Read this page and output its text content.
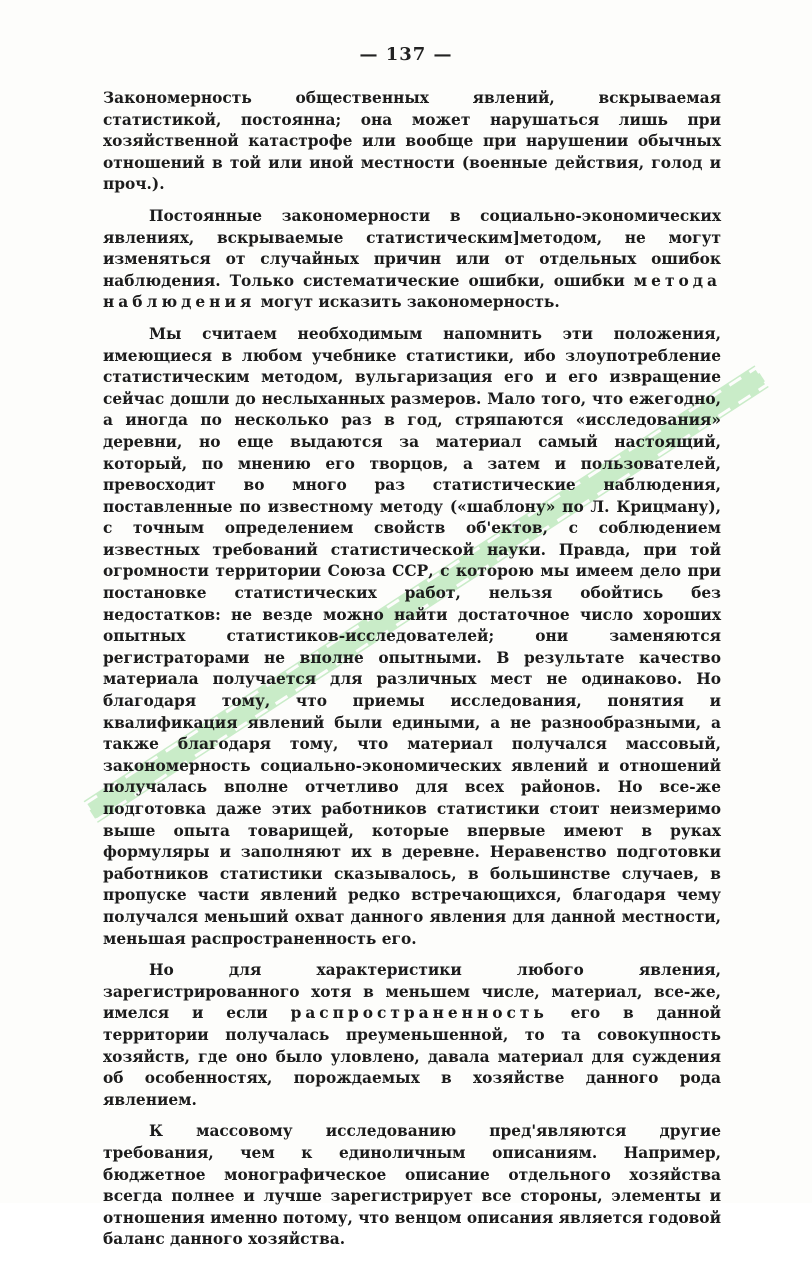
— 137 —

Закономерность общественных явлений, вскрываемая статистикой, постоянна; она может нарушаться лишь при хозяйственной катастрофе или вообще при нарушении обычных отношений в той или иной местности (военные действия, голод и проч.).

Постоянные закономерности в социально-экономических явлениях, вскрываемые статистическим]методом, не могут изменяться от случайных причин или от отдельных ошибок наблюдения. Только систематические ошибки, ошибки метода наблюдения могут исказить закономерность.

Мы считаем необходимым напомнить эти положения, имеющиеся в любом учебнике статистики, ибо злоупотребление статистическим методом, вульгаризация его и его извращение сейчас дошли до неслыханных размеров. Мало того, что ежегодно, а иногда по несколько раз в год, стряпаются «исследования» деревни, но еще выдаются за материал самый настоящий, который, по мнению его творцов, а затем и пользователей, превосходит во много раз статистические наблюдения, поставленные по известному методу («шаблону» по Л. Крицману), с точным определением свойств об'ектов, с соблюдением известных требований статистической науки. Правда, при той огромности территории Союза ССР, с которою мы имеем дело при постановке статистических работ, нельзя обойтись без недостатков: не везде можно найти достаточное число хороших опытных статистиков-исследователей; они заменяются регистраторами не вполне опытными. В результате качество материала получается для различных мест не одинаково. Но благодаря тому, что приемы исследования, понятия и квалификация явлений были едиными, а не разнообразными, а также благодаря тому, что материал получался массовый, закономерность социально-экономических явлений и отношений получалась вполне отчетливо для всех районов. Но все-же подготовка даже этих работников статистики стоит неизмеримо выше опыта товарищей, которые впервые имеют в руках формуляры и заполняют их в деревне. Неравенство подготовки работников статистики сказывалось, в большинстве случаев, в пропуске части явлений редко встречающихся, благодаря чему получался меньший охват данного явления для данной местности, меньшая распространенность его.

Но для характеристики любого явления, зарегистрированного хотя в меньшем числе, материал, все-же, имелся и если распространенность его в данной территории получалась преуменьшенной, то та совокупность хозяйств, где оно было уловлено, давала материал для суждения об особенностях, порождаемых в хозяйстве данного рода явлением.

К массовому исследованию пред'являются другие требования, чем к единоличным описаниям. Например, бюджетное монографическое описание отдельного хозяйства всегда полнее и лучше зарегистрирует все стороны, элементы и отношения именно потому, что венцом описания является годовой баланс данного хозяйства.
